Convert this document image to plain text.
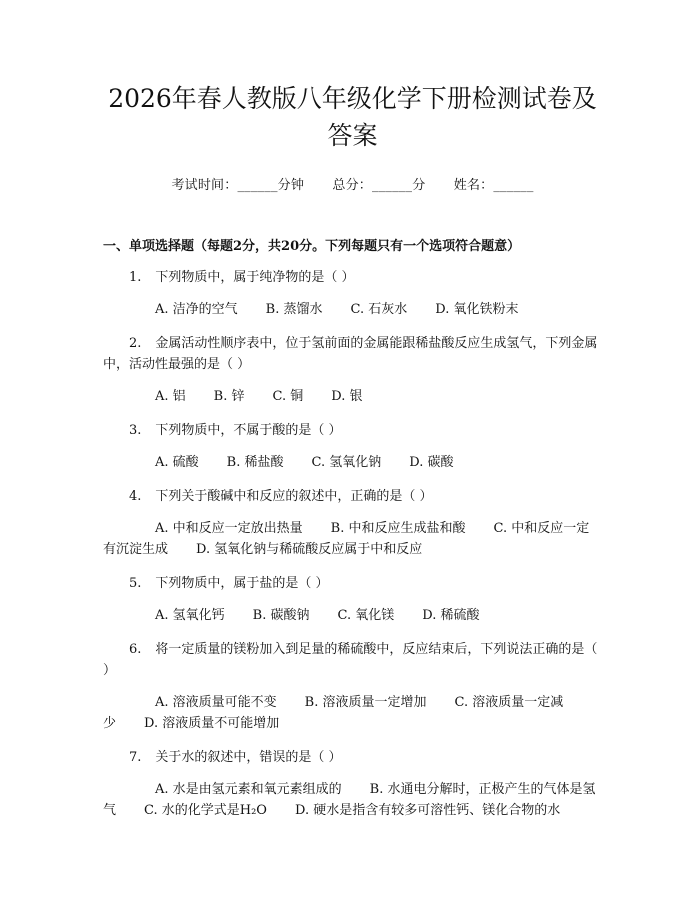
2026年春人教版八年级化学下册检测试卷及答案
考试时间：______分钟 总分：______分 姓名：______
一、单项选择题（每题2分，共20分。下列每题只有一个选项符合题意）
1. 下列物质中，属于纯净物的是（ ）
A. 洁净的空气 B. 蒸馏水 C. 石灰水 D. 氧化铁粉末
2. 金属活动性顺序表中，位于氢前面的金属能跟稀盐酸反应生成氢气，下列金属中，活动性最强的是（ ）
A. 铝 B. 锌 C. 铜 D. 银
3. 下列物质中，不属于酸的是（ ）
A. 硫酸 B. 稀盐酸 C. 氢氧化钠 D. 碳酸
4. 下列关于酸碱中和反应的叙述中，正确的是（ ）
A. 中和反应一定放出热量 B. 中和反应生成盐和酸 C. 中和反应一定有沉淀生成 D. 氢氧化钠与稀硫酸反应属于中和反应
5. 下列物质中，属于盐的是（ ）
A. 氢氧化钙 B. 碳酸钠 C. 氧化镁 D. 稀硫酸
6. 将一定质量的镁粉加入到足量的稀硫酸中，反应结束后，下列说法正确的是（ ）
A. 溶液质量可能不变 B. 溶液质量一定增加 C. 溶液质量一定减少 D. 溶液质量不可能增加
7. 关于水的叙述中，错误的是（ ）
A. 水是由氢元素和氧元素组成的 B. 水通电分解时，正极产生的气体是氢气 C. 水的化学式是H₂O D. 硬水是指含有较多可溶性钙、镁化合物的水
